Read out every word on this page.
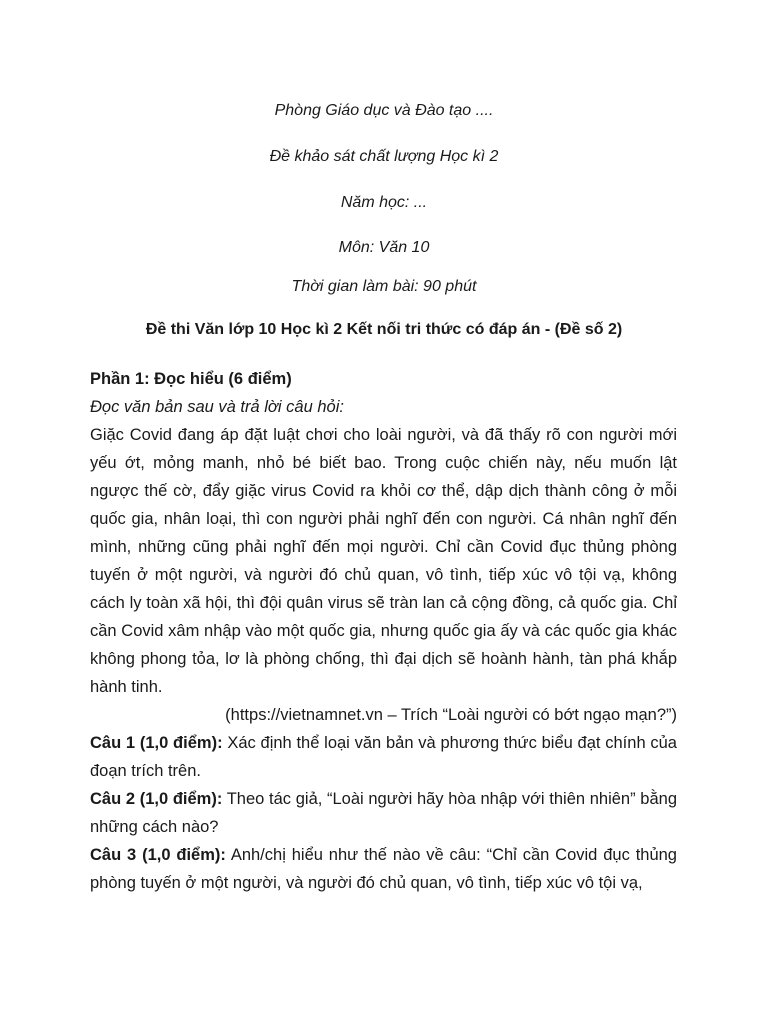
Phòng Giáo dục và Đào tạo ....
Đề khảo sát chất lượng Học kì 2
Năm học: ...
Môn: Văn 10
Thời gian làm bài: 90 phút
Đề thi Văn lớp 10 Học kì 2 Kết nối tri thức có đáp án - (Đề số 2)

Phần 1: Đọc hiểu (6 điểm)

Đọc văn bản sau và trả lời câu hỏi:

Giặc Covid đang áp đặt luật chơi cho loài người, và đã thấy rõ con người mới yếu ớt, mỏng manh, nhỏ bé biết bao. Trong cuộc chiến này, nếu muốn lật ngược thế cờ, đẩy giặc virus Covid ra khỏi cơ thể, dập dịch thành công ở mỗi quốc gia, nhân loại, thì con người phải nghĩ đến con người. Cá nhân nghĩ đến mình, những cũng phải nghĩ đến mọi người. Chỉ cần Covid đục thủng phòng tuyến ở một người, và người đó chủ quan, vô tình, tiếp xúc vô tội vạ, không cách ly toàn xã hội, thì đội quân virus sẽ tràn lan cả cộng đồng, cả quốc gia. Chỉ cần Covid xâm nhập vào một quốc gia, nhưng quốc gia ấy và các quốc gia khác không phong tỏa, lơ là phòng chống, thì đại dịch sẽ hoành hành, tàn phá khắp hành tinh.

(https://vietnamnet.vn – Trích “Loài người có bớt ngạo mạn?”)

Câu 1 (1,0 điểm): Xác định thể loại văn bản và phương thức biểu đạt chính của đoạn trích trên.

Câu 2 (1,0 điểm): Theo tác giả, “Loài người hãy hòa nhập với thiên nhiên” bằng những cách nào?

Câu 3 (1,0 điểm): Anh/chị hiểu như thế nào về câu: “Chỉ cần Covid đục thủng phòng tuyến ở một người, và người đó chủ quan, vô tình, tiếp xúc vô tội vạ,
